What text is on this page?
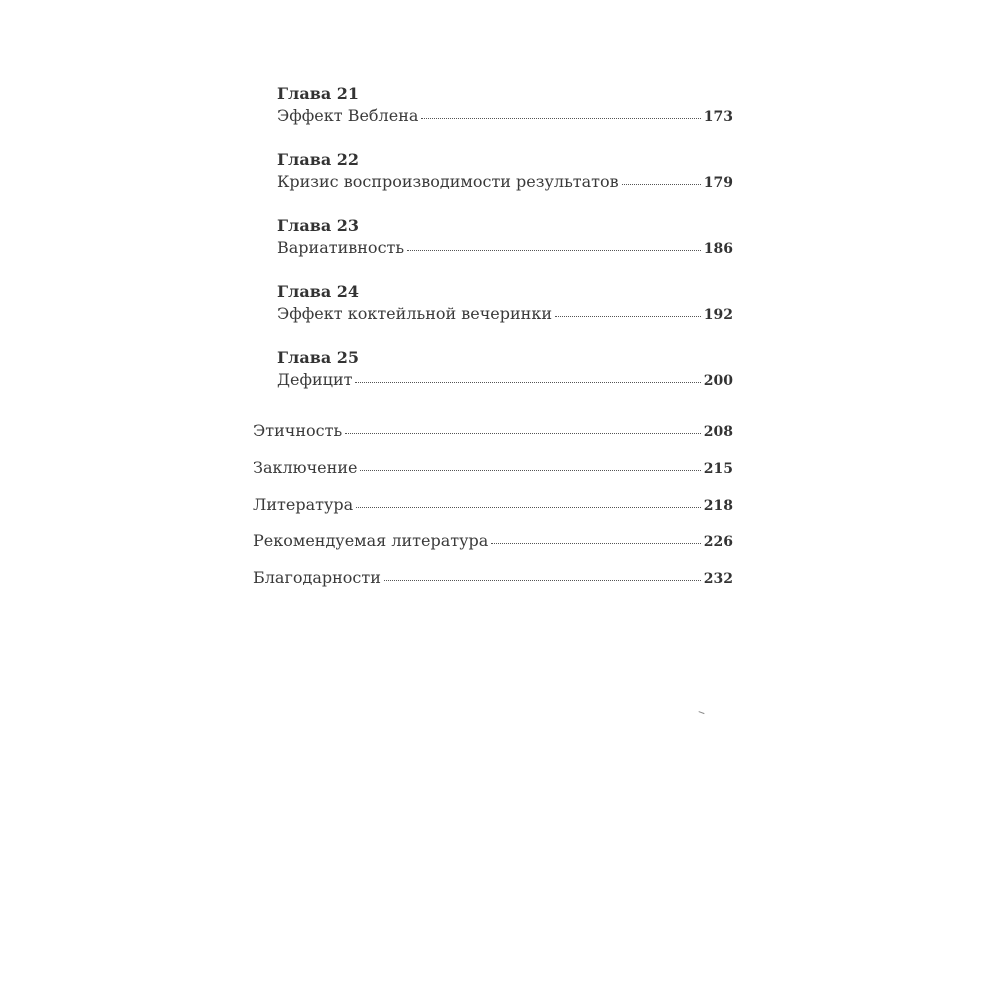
Глава 21
Эффект Веблена	173
Глава 22
Кризис воспроизводимости результатов	179
Глава 23
Вариативность	186
Глава 24
Эффект коктейльной вечеринки	192
Глава 25
Дефицит	200
Этичность	208
Заключение	215
Литература	218
Рекомендуемая литература	226
Благодарности	232
